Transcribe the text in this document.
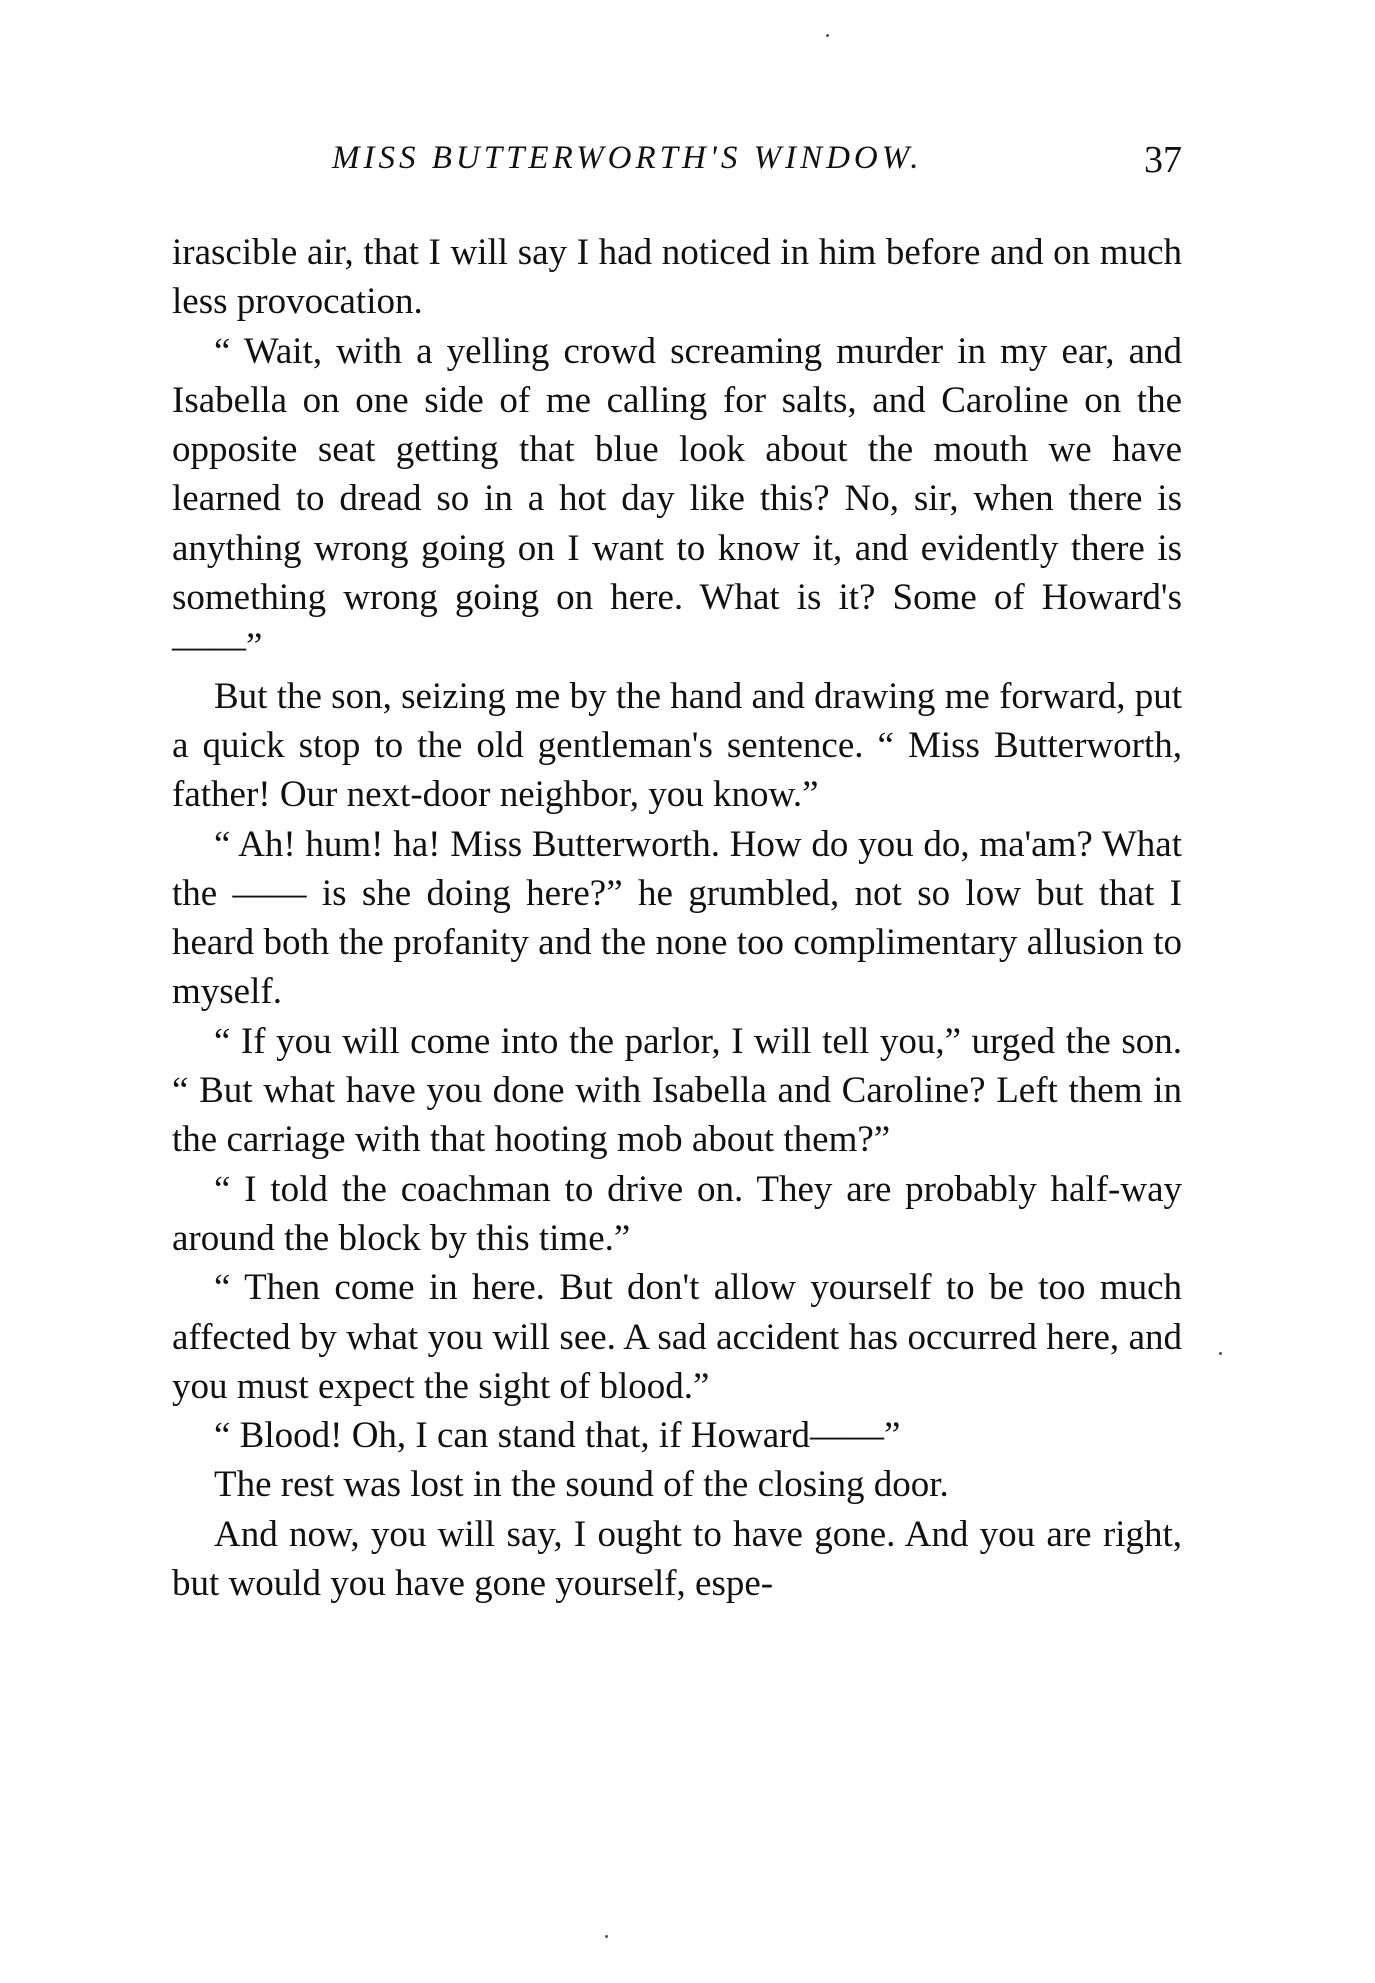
MISS BUTTERWORTH'S WINDOW.	37

irascible air, that I will say I had noticed in him before and on much less provocation.

“ Wait, with a yelling crowd screaming murder in my ear, and Isabella on one side of me calling for salts, and Caroline on the opposite seat getting that blue look about the mouth we have learned to dread so in a hot day like this? No, sir, when there is anything wrong going on I want to know it, and evidently there is something wrong going on here. What is it? Some of Howard's——”

But the son, seizing me by the hand and drawing me forward, put a quick stop to the old gentleman's sentence. “ Miss Butterworth, father! Our next-door neighbor, you know.”

“ Ah! hum! ha! Miss Butterworth. How do you do, ma'am? What the —— is she doing here?” he grumbled, not so low but that I heard both the profanity and the none too complimentary allusion to myself.

“ If you will come into the parlor, I will tell you,” urged the son. “ But what have you done with Isabella and Caroline? Left them in the carriage with that hooting mob about them?”

“ I told the coachman to drive on. They are probably half-way around the block by this time.”

“ Then come in here. But don't allow yourself to be too much affected by what you will see. A sad accident has occurred here, and you must expect the sight of blood.”

“ Blood! Oh, I can stand that, if Howard——”

The rest was lost in the sound of the closing door.

And now, you will say, I ought to have gone. And you are right, but would you have gone yourself, espe-
